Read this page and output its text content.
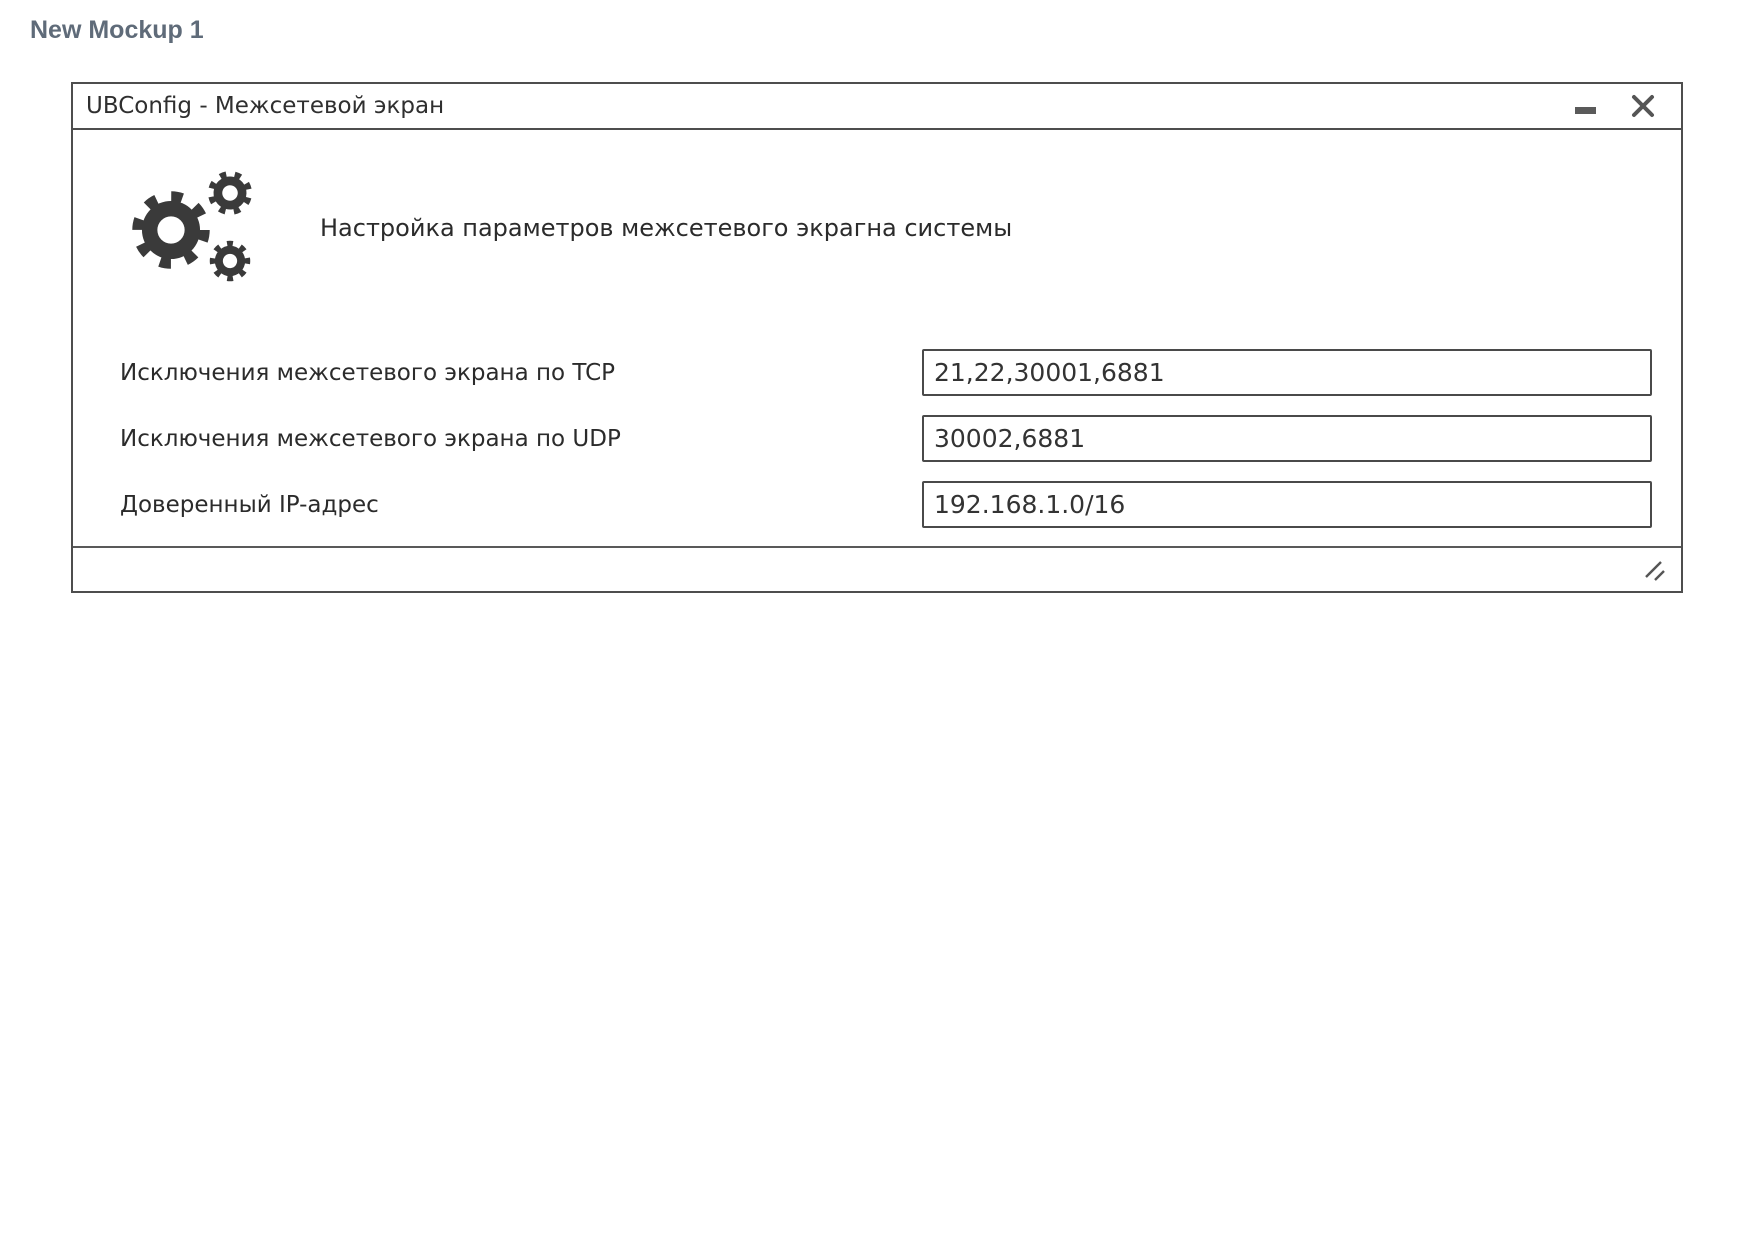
New Mockup 1
UBConfig - Межсетевой экран
Настройка параметров межсетевого экрагна системы
Исключения межсетевого экрана по TCP
21,22,30001,6881
Исключения межсетевого экрана по UDP
30002,6881
Доверенный IP-адрес
192.168.1.0/16
